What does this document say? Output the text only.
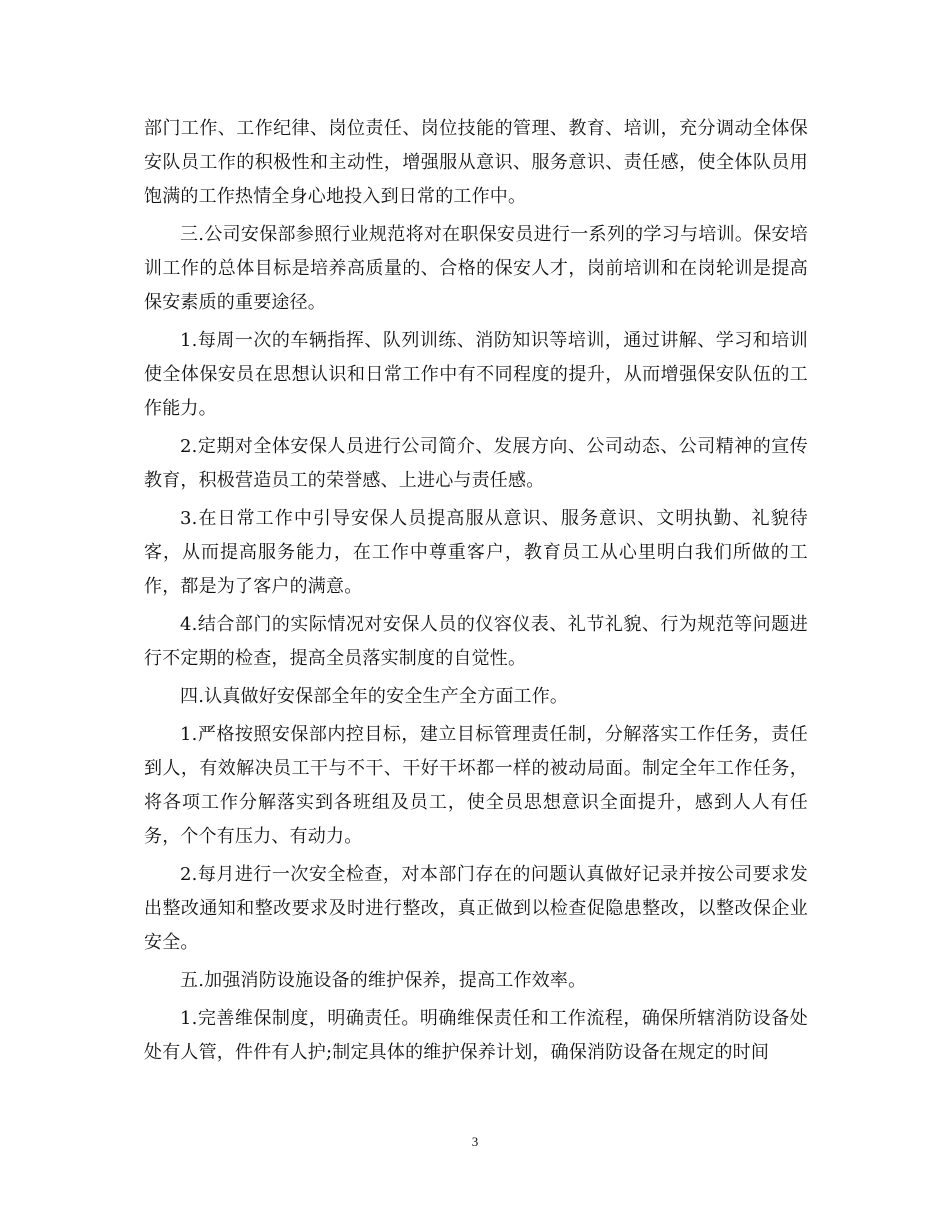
部门工作、工作纪律、岗位责任、岗位技能的管理、教育、培训，充分调动全体保安队员工作的积极性和主动性，增强服从意识、服务意识、责任感，使全体队员用饱满的工作热情全身心地投入到日常的工作中。

三.公司安保部参照行业规范将对在职保安员进行一系列的学习与培训。保安培训工作的总体目标是培养高质量的、合格的保安人才，岗前培训和在岗轮训是提高保安素质的重要途径。

1.每周一次的车辆指挥、队列训练、消防知识等培训，通过讲解、学习和培训使全体保安员在思想认识和日常工作中有不同程度的提升，从而增强保安队伍的工作能力。

2.定期对全体安保人员进行公司简介、发展方向、公司动态、公司精神的宣传教育，积极营造员工的荣誉感、上进心与责任感。

3.在日常工作中引导安保人员提高服从意识、服务意识、文明执勤、礼貌待客，从而提高服务能力，在工作中尊重客户，教育员工从心里明白我们所做的工作，都是为了客户的满意。

4.结合部门的实际情况对安保人员的仪容仪表、礼节礼貌、行为规范等问题进行不定期的检查，提高全员落实制度的自觉性。

四.认真做好安保部全年的安全生产全方面工作。

1.严格按照安保部内控目标，建立目标管理责任制，分解落实工作任务，责任到人，有效解决员工干与不干、干好干坏都一样的被动局面。制定全年工作任务，将各项工作分解落实到各班组及员工，使全员思想意识全面提升，感到人人有任务，个个有压力、有动力。

2.每月进行一次安全检查，对本部门存在的问题认真做好记录并按公司要求发出整改通知和整改要求及时进行整改，真正做到以检查促隐患整改，以整改保企业安全。

五.加强消防设施设备的维护保养，提高工作效率。

1.完善维保制度，明确责任。明确维保责任和工作流程，确保所辖消防设备处处有人管，件件有人护;制定具体的维护保养计划，确保消防设备在规定的时间

3
